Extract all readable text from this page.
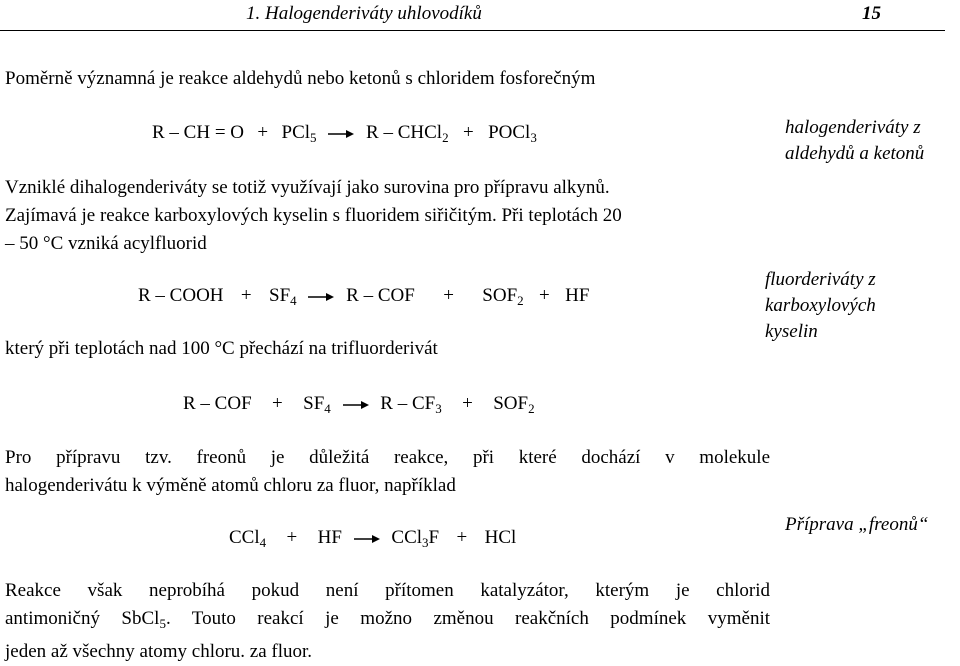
1. Halogenderiváty uhlovodíků	15
Poměrně významná je reakce aldehydů nebo ketonů s chloridem fosforečným
R – CH = O + PCl5 → R – CHCl2 + POCl3	halogenderiváty z
aldehydů a ketonů
Vzniklé dihalogenderiváty se totiž využívají jako surovina pro přípravu alkynů.
Zajímavá je reakce karboxylových kyselin s fluoridem siřičitým. Při teplotách 20
– 50 °C vzniká acylfluorid
R – COOH + SF4 → R – COF + SOF2 + HF
fluorderiváty z
karboxylových
kyselin
který při teplotách nad 100 °C přechází na trifluorderivát
R – COF + SF4 → R – CF3 + SOF2
Pro přípravu tzv. freonů je důležitá reakce, při které dochází v molekule
halogenderivátu k výměně atomů chloru za fluor, například
CCl4 + HF → CCl3F + HCl
Příprava „freonů“
Reakce však neprobíhá pokud není přítomen katalyzátor, kterým je chlorid
antimoničný SbCl$_5$. Touto reakcí je možno změnou reakčních podmínek vyměnit
jeden až všechny atomy chloru. za fluor.
